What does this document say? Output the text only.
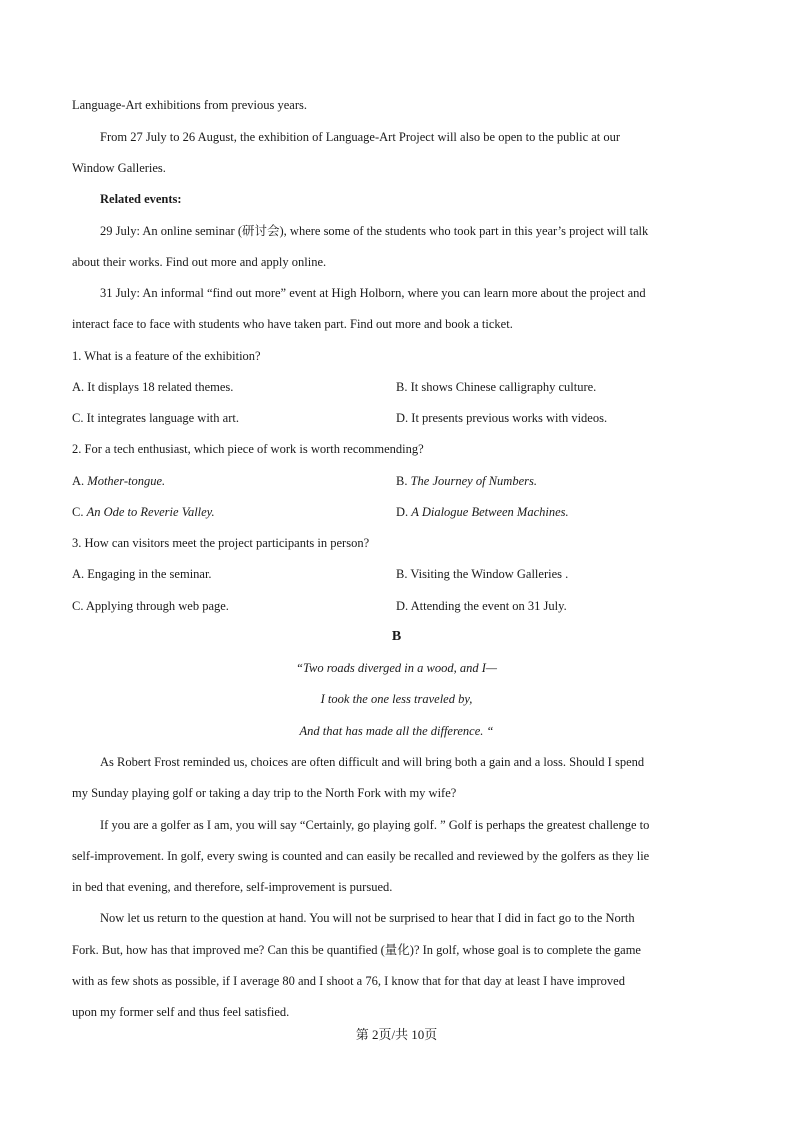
Language-Art exhibitions from previous years.
From 27 July to 26 August, the exhibition of Language-Art Project will also be open to the public at our
Window Galleries.
Related events:
29 July: An online seminar (研讨会), where some of the students who took part in this year’s project will talk
about their works. Find out more and apply online.
31 July: An informal “find out more” event at High Holborn, where you can learn more about the project and
interact face to face with students who have taken part. Find out more and book a ticket.
1. What is a feature of the exhibition?
A. It displays 18 related themes.	B. It shows Chinese calligraphy culture.
C. It integrates language with art.	D. It presents previous works with videos.
2. For a tech enthusiast, which piece of work is worth recommending?
A. Mother-tongue.	B. The Journey of Numbers.
C. An Ode to Reverie Valley.	D. A Dialogue Between Machines.
3. How can visitors meet the project participants in person?
A. Engaging in the seminar.	B. Visiting the Window Galleries .
C. Applying through web page.	D. Attending the event on 31 July.
B
“Two roads diverged in a wood, and I—
I took the one less traveled by,
And that has made all the difference. “
As Robert Frost reminded us, choices are often difficult and will bring both a gain and a loss. Should I spend
my Sunday playing golf or taking a day trip to the North Fork with my wife?
If you are a golfer as I am, you will say “Certainly, go playing golf. ” Golf is perhaps the greatest challenge to
self-improvement. In golf, every swing is counted and can easily be recalled and reviewed by the golfers as they lie
in bed that evening, and therefore, self-improvement is pursued.
Now let us return to the question at hand. You will not be surprised to hear that I did in fact go to the North
Fork. But, how has that improved me? Can this be quantified (量化)? In golf, whose goal is to complete the game
with as few shots as possible, if I average 80 and I shoot a 76, I know that for that day at least I have improved
upon my former self and thus feel satisfied.
第 2页/共 10页
